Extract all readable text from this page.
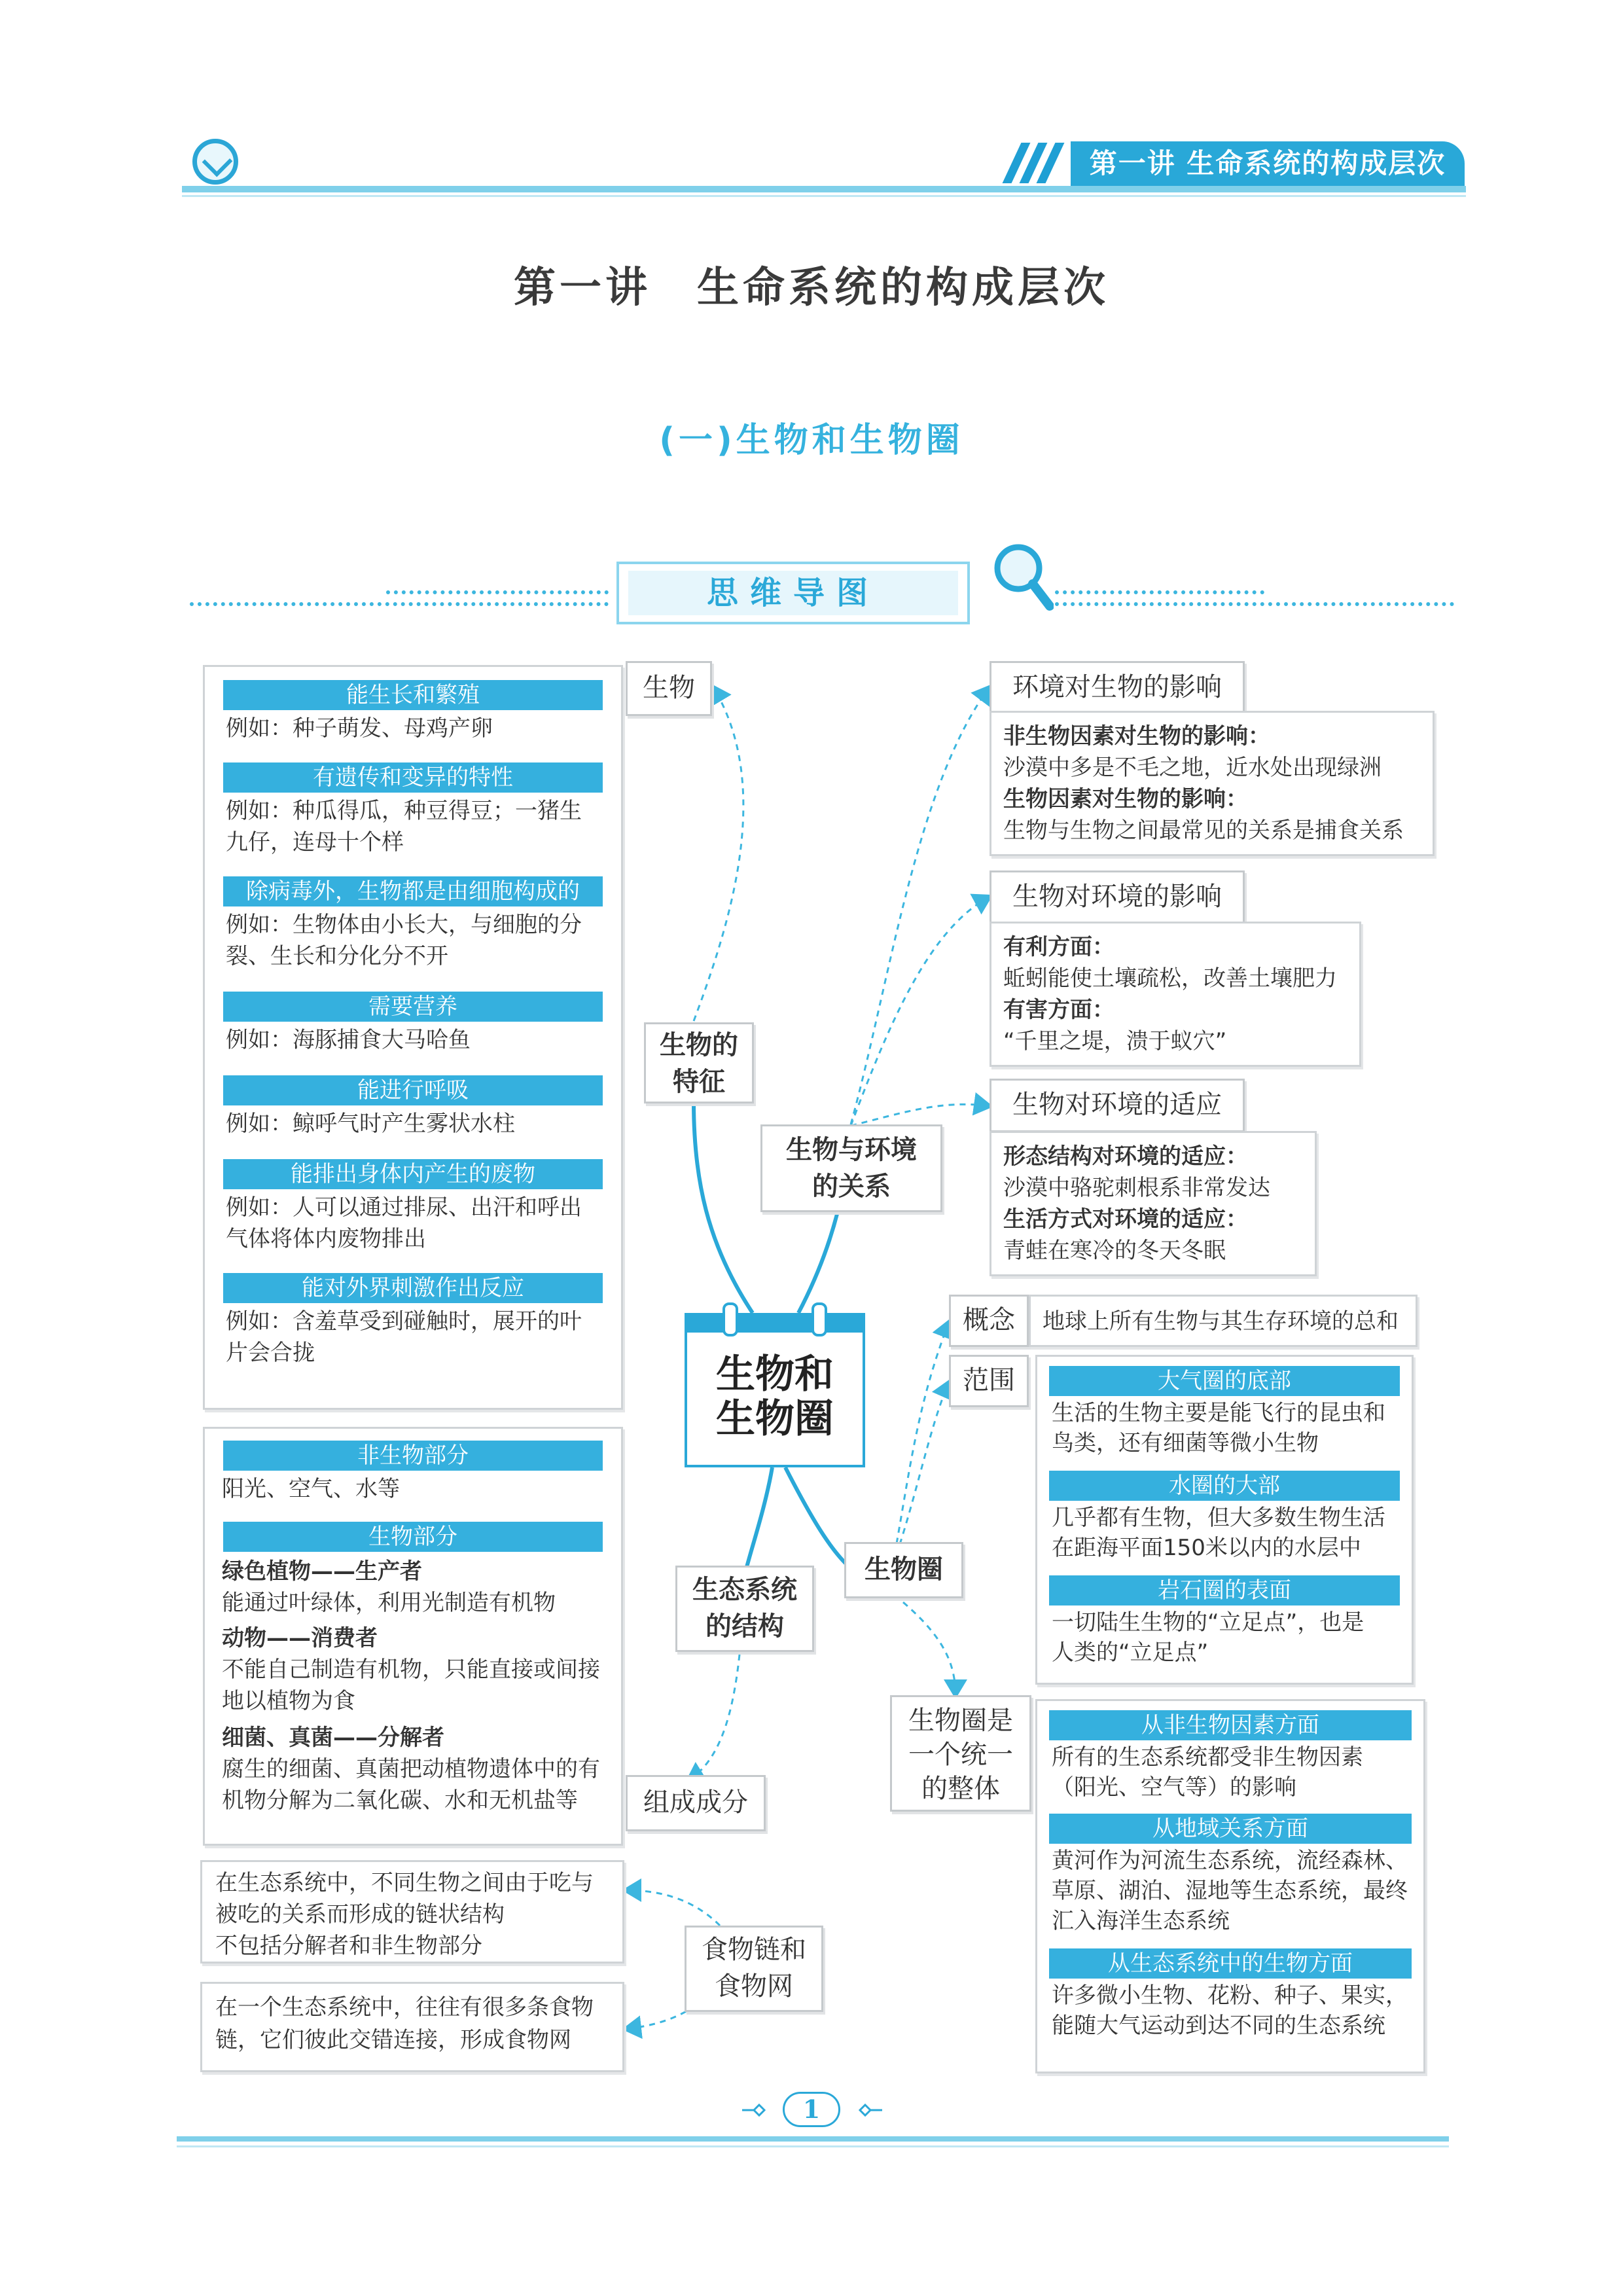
第一讲 生命系统的构成层次
第一讲　生命系统的构成层次
(一)生物和生物圈
思维导图
生物
生物的
特征
能生长和繁殖
例如：种子萌发、母鸡产卵
有遗传和变异的特性
例如：种瓜得瓜，种豆得豆；一猪生
九仔，连母十个样
除病毒外，生物都是由细胞构成的
例如：生物体由小长大，与细胞的分
裂、生长和分化分不开
需要营养
例如：海豚捕食大马哈鱼
能进行呼吸
例如：鲸呼气时产生雾状水柱
能排出身体内产生的废物
例如：人可以通过排尿、出汗和呼出
气体将体内废物排出
能对外界刺激作出反应
例如：含羞草受到碰触时，展开的叶
片会合拢
非生物部分
阳光、空气、水等
生物部分
绿色植物——生产者
能通过叶绿体，利用光制造有机物
动物——消费者
不能自己制造有机物，只能直接或间接
地以植物为食
细菌、真菌——分解者
腐生的细菌、真菌把动植物遗体中的有
机物分解为二氧化碳、水和无机盐等
在生态系统中，不同生物之间由于吃与
被吃的关系而形成的链状结构
不包括分解者和非生物部分
在一个生态系统中，往往有很多条食物
链，它们彼此交错连接，形成食物网
生态系统
的结构
组成成分
食物链和
食物网
生物和
生物圈
生物与环境
的关系
环境对生物的影响
非生物因素对生物的影响：
沙漠中多是不毛之地，近水处出现绿洲
生物因素对生物的影响：
生物与生物之间最常见的关系是捕食关系
生物对环境的影响
有利方面：
蚯蚓能使土壤疏松，改善土壤肥力
有害方面：
“千里之堤，溃于蚁穴”
生物对环境的适应
形态结构对环境的适应：
沙漠中骆驼刺根系非常发达
生活方式对环境的适应：
青蛙在寒冷的冬天冬眠
生物圈
概念	地球上所有生物与其生存环境的总和
范围	大气圈的底部
生活的生物主要是能飞行的昆虫和
鸟类，还有细菌等微小生物
水圈的大部
几乎都有生物，但大多数生物生活
在距海平面150米以内的水层中
岩石圈的表面
一切陆生生物的“立足点”，也是
人类的“立足点”
生物圈是
一个统一
的整体
从非生物因素方面
所有的生态系统都受非生物因素
（阳光、空气等）的影响
从地域关系方面
黄河作为河流生态系统，流经森林、
草原、湖泊、湿地等生态系统，最终
汇入海洋生态系统
从生态系统中的生物方面
许多微小生物、花粉、种子、果实，
能随大气运动到达不同的生态系统
1
